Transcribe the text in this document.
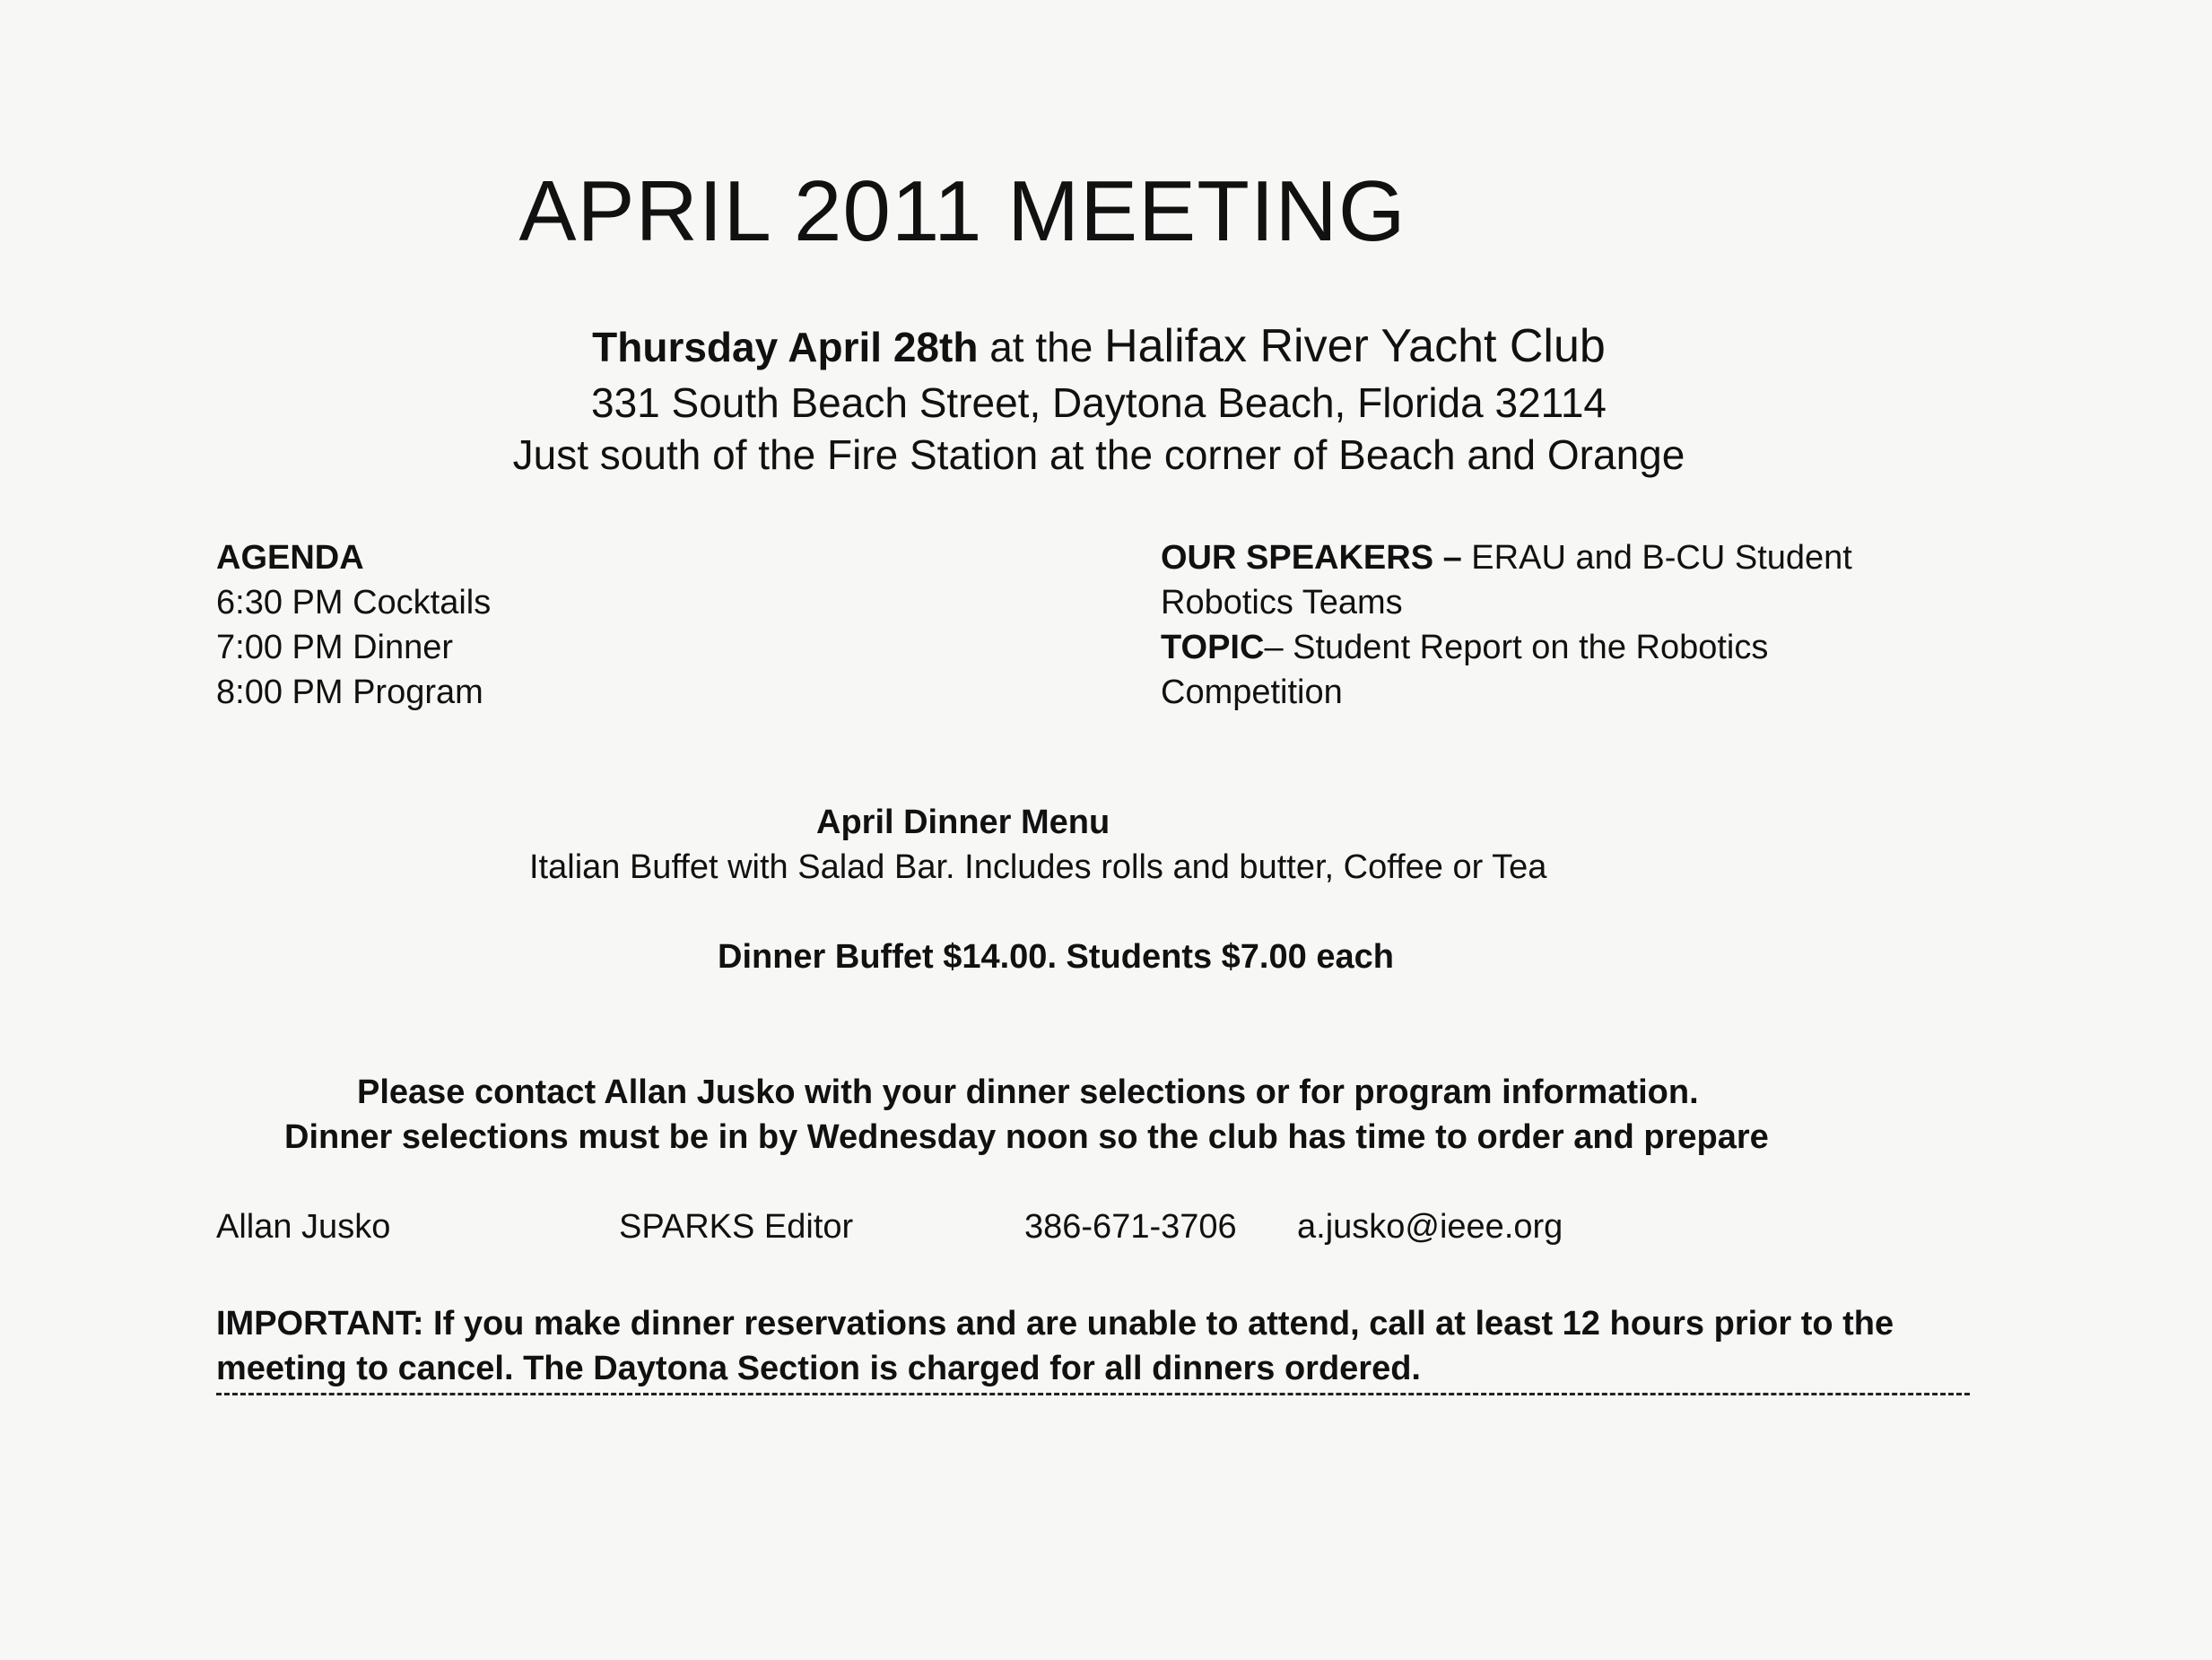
APRIL 2011 MEETING
Thursday April 28th at the Halifax River Yacht Club
331 South Beach Street, Daytona Beach, Florida 32114
Just south of the Fire Station at the corner of Beach and Orange
AGENDA
6:30 PM Cocktails
7:00 PM Dinner
8:00 PM Program
OUR SPEAKERS – ERAU and B-CU Student Robotics Teams
TOPIC– Student Report on the Robotics Competition
April Dinner Menu
Italian Buffet with Salad Bar. Includes rolls and butter, Coffee or Tea
Dinner Buffet $14.00. Students $7.00 each
Please contact Allan Jusko with your dinner selections or for program information.
Dinner selections must be in by Wednesday noon so the club has time to order and prepare
Allan Jusko	SPARKS Editor	386-671-3706 a.jusko@ieee.org
IMPORTANT: If you make dinner reservations and are unable to attend, call at least 12 hours prior to the meeting to cancel. The Daytona Section is charged for all dinners ordered.
